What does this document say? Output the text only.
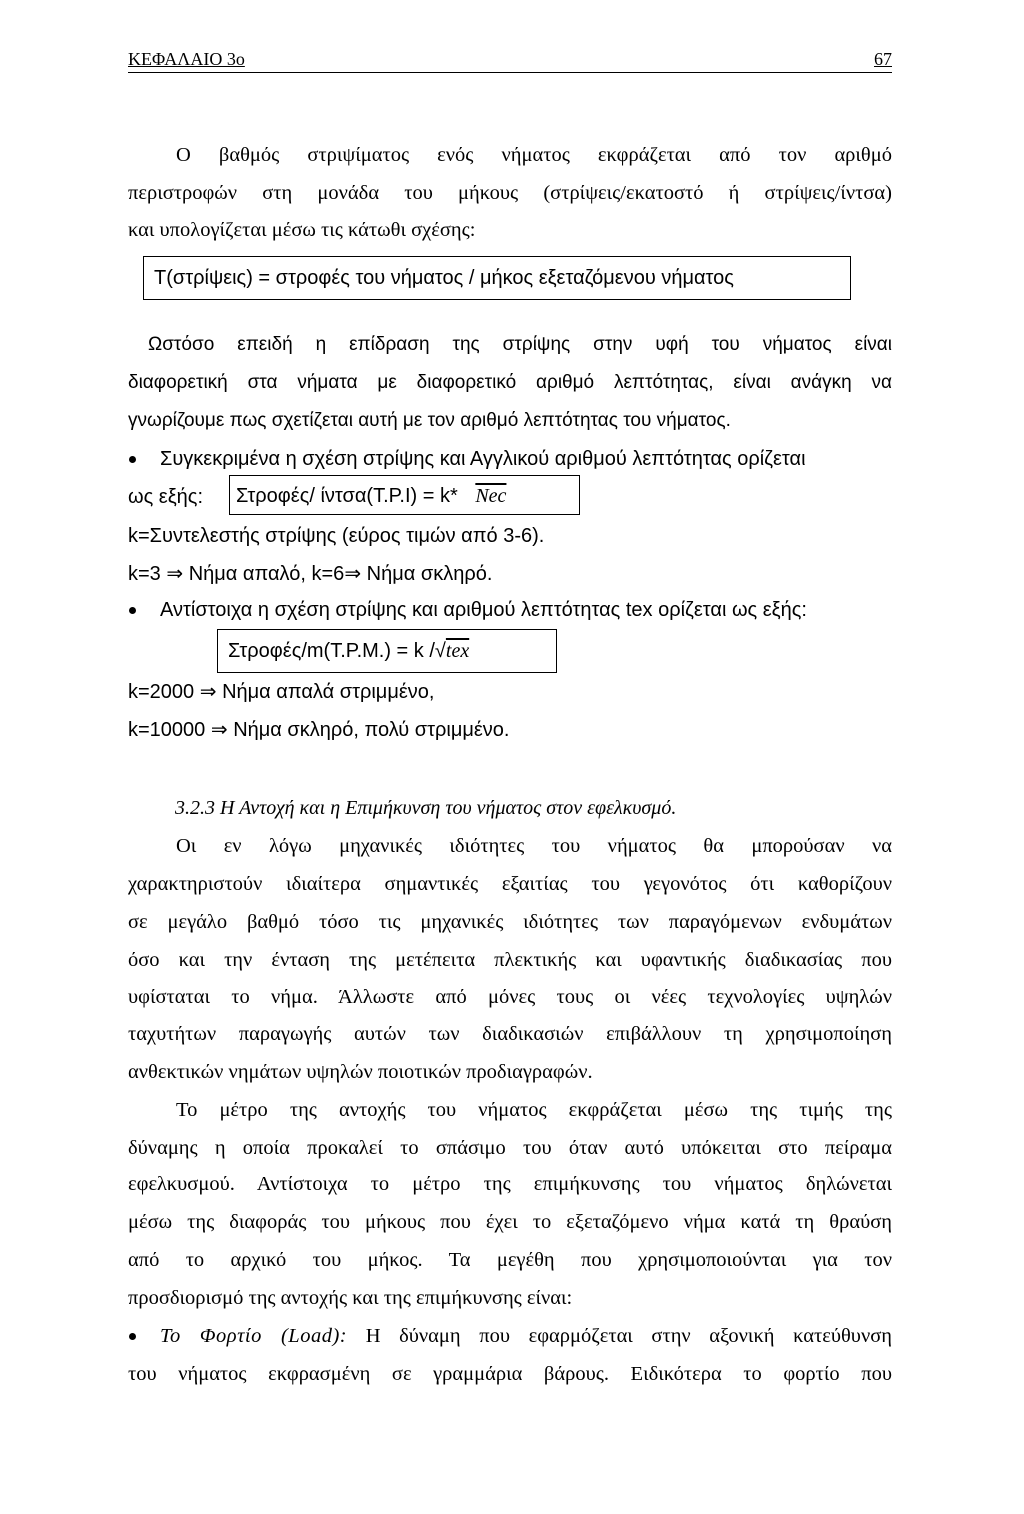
ΚΕΦΑΛΑΙΟ 3ο	67
Ο βαθμός στριψίματος ενός νήματος εκφράζεται από τον αριθμό
περιστροφών στη μονάδα του μήκους (στρίψεις/εκατοστό ή στρίψεις/ίντσα)
και υπολογίζεται μέσω τις κάτωθι σχέσης:
Τ(στρίψεις) = στροφές του νήματος / μήκος εξεταζόμενου νήματος
Ωστόσο επειδή η επίδραση της στρίψης στην υφή του νήματος είναι
διαφορετική στα νήματα με διαφορετικό αριθμό λεπτότητας, είναι ανάγκη να
γνωρίζουμε πως σχετίζεται αυτή με τον αριθμό λεπτότητας του νήματος.
Συγκεκριμένα η σχέση στρίψης και Αγγλικού αριθμού λεπτότητας ορίζεται
ως εξής: Στροφές/ ίντσα(Τ.Ρ.Ι) = k* $\overline{Nec}$
k=Συντελεστής στρίψης (εύρος τιμών από 3-6).
k=3 ⇒ Νήμα απαλό, k=6⇒ Νήμα σκληρό.
Αντίστοιχα η σχέση στρίψης και αριθμού λεπτότητας tex ορίζεται ως εξής:
Στροφές/m(Τ.Ρ.Μ.) = k /√tex
k=2000 ⇒ Νήμα απαλά στριμμένο,
k=10000 ⇒ Νήμα σκληρό, πολύ στριμμένο.
3.2.3 Η Αντοχή και η Επιμήκυνση του νήματος στον εφελκυσμό.
Οι εν λόγω μηχανικές ιδιότητες του νήματος θα μπορούσαν να
χαρακτηριστούν ιδιαίτερα σημαντικές εξαιτίας του γεγονότος ότι καθορίζουν
σε μεγάλο βαθμό τόσο τις μηχανικές ιδιότητες των παραγόμενων ενδυμάτων
όσο και την ένταση της μετέπειτα πλεκτικής και υφαντικής διαδικασίας που
υφίσταται το νήμα. Άλλωστε από μόνες τους οι νέες τεχνολογίες υψηλών
ταχυτήτων παραγωγής αυτών των διαδικασιών επιβάλλουν τη χρησιμοποίηση
ανθεκτικών νημάτων υψηλών ποιοτικών προδιαγραφών.
Το μέτρο της αντοχής του νήματος εκφράζεται μέσω της τιμής της
δύναμης η οποία προκαλεί το σπάσιμο του όταν αυτό υπόκειται στο πείραμα
εφελκυσμού. Αντίστοιχα το μέτρο της επιμήκυνσης του νήματος δηλώνεται
μέσω της διαφοράς του μήκους που έχει το εξεταζόμενο νήμα κατά τη θραύση
από το αρχικό του μήκος. Τα μεγέθη που χρησιμοποιούνται για τον
προσδιορισμό της αντοχής και της επιμήκυνσης είναι:
Το Φορτίο (Load): Η δύναμη που εφαρμόζεται στην αξονική κατεύθυνση
του νήματος εκφρασμένη σε γραμμάρια βάρους. Ειδικότερα το φορτίο που
